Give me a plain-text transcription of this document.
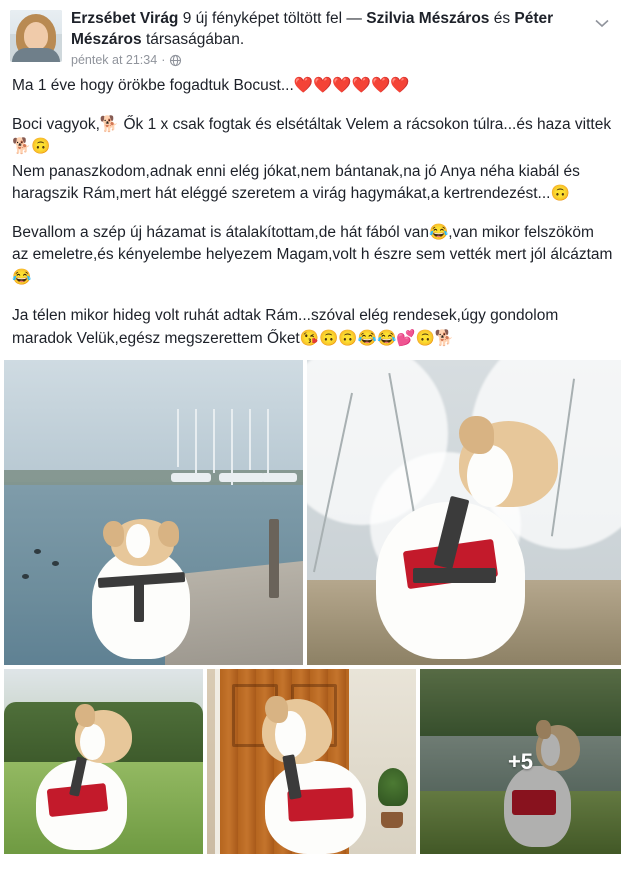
Erzsébet Virág 9 új fényképet töltött fel — Szilvia Mészáros és Péter Mészáros társaságában.
péntek at 21:34 ·
Ma 1 éve hogy örökbe fogadtuk Bocust...❤️❤️❤️❤️❤️❤️
Boci vagyok,🐕 Ők 1 x csak fogtak és elsétáltak Velem a rácsokon túlra...és haza vittek🐕🙃
Nem panaszkodom,adnak enni elég jókat,nem bántanak,na jó Anya néha kiabál és haragszik Rám,mert hát eléggé szeretem a virág hagymákat,a kertrendezést...🙃
Bevallom a szép új házamat is átalakítottam,de hát fából van😂,van mikor felszököm az emeletre,és kényelembe helyezem Magam,volt h észre sem vették mert jól álcáztam 😂
Ja télen mikor hideg volt ruhát adtak Rám...szóval elég rendesek,úgy gondolom maradok Velük,egész megszerettem Őket😘🙃🙃😂😂💕🙃🐕
+5
